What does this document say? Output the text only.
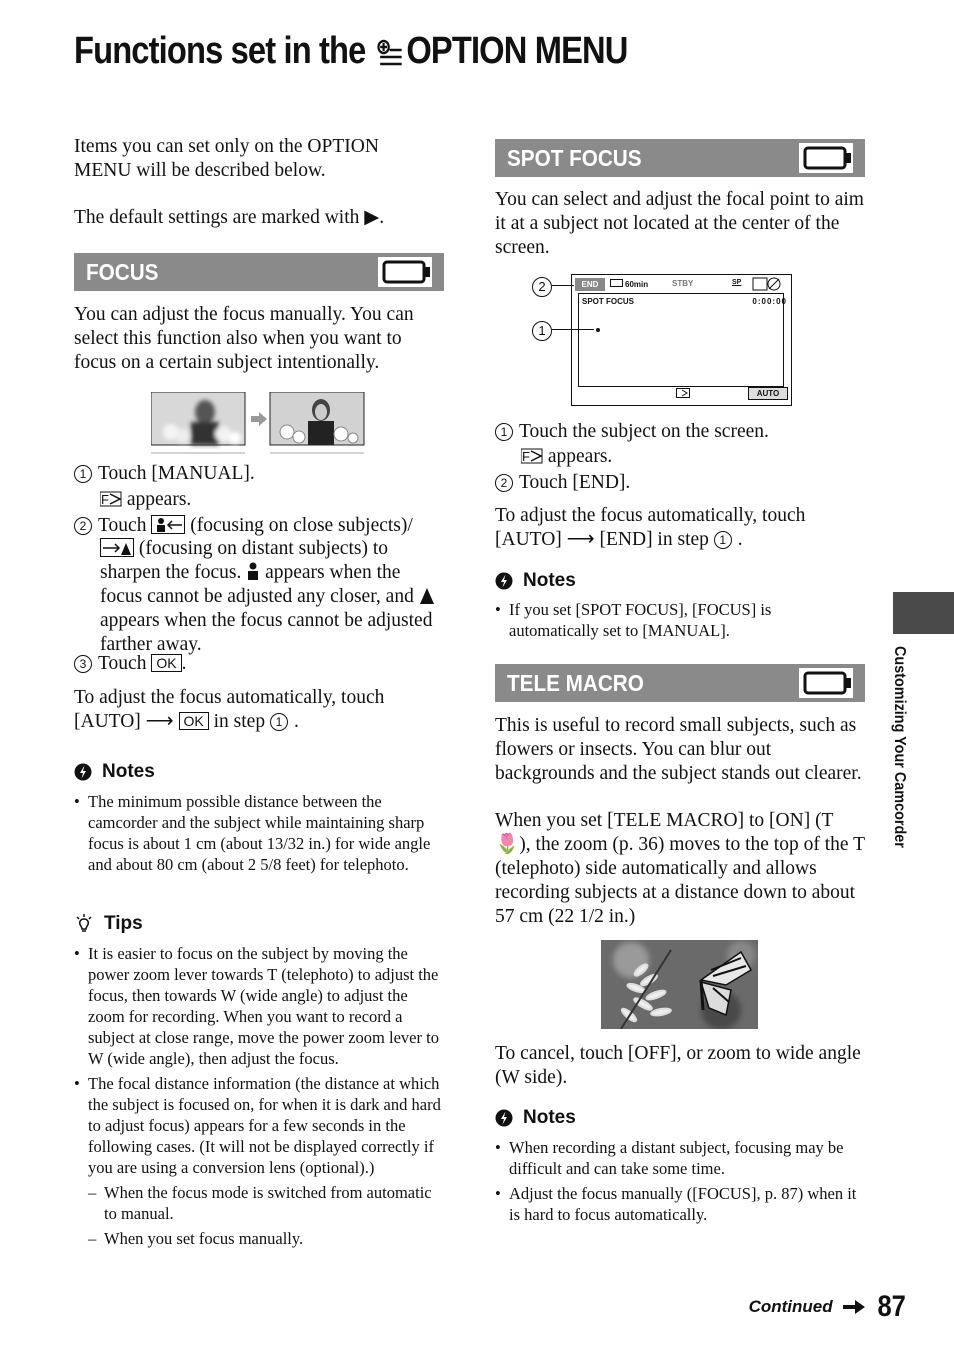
Functions set in the OPTION MENU
Items you can set only on the OPTION MENU will be described below.
The default settings are marked with ▶.
FOCUS
You can adjust the focus manually. You can select this function also when you want to focus on a certain subject intentionally.
1 Touch [MANUAL].
F appears.
2 Touch (focusing on close subjects)/
(focusing on distant subjects) to sharpen the focus. appears when the focus cannot be adjusted any closer, and  appears when the focus cannot be adjusted farther away.
3 Touch OK .
To adjust the focus automatically, touch [AUTO] ⟶ OK in step 1 .
Notes
• The minimum possible distance between the camcorder and the subject while maintaining sharp focus is about 1 cm (about 13/32 in.) for wide angle and about 80 cm (about 2 5/8 feet) for telephoto.
Tips
• It is easier to focus on the subject by moving the power zoom lever towards T (telephoto) to adjust the focus, then towards W (wide angle) to adjust the zoom for recording. When you want to record a subject at close range, move the power zoom lever to W (wide angle), then adjust the focus.
• The focal distance information (the distance at which the subject is focused on, for when it is dark and hard to adjust focus) appears for a few seconds in the following cases. (It will not be displayed correctly if you are using a conversion lens (optional).)
– When the focus mode is switched from automatic to manual.
– When you set focus manually.
SPOT FOCUS
You can select and adjust the focal point to aim it at a subject not located at the center of the screen.
END	60min	STBY	SP
SPOT FOCUS	0:00:00
AUTO
2
1
1 Touch the subject on the screen.
F appears.
2 Touch [END].
To adjust the focus automatically, touch [AUTO] ⟶ [END] in step 1 .
Notes
• If you set [SPOT FOCUS], [FOCUS] is automatically set to [MANUAL].
TELE MACRO
This is useful to record small subjects, such as flowers or insects. You can blur out backgrounds and the subject stands out clearer.
When you set [TELE MACRO] to [ON] (T🌷), the zoom (p. 36) moves to the top of the T (telephoto) side automatically and allows recording subjects at a distance down to about 57 cm (22 1/2 in.)
To cancel, touch [OFF], or zoom to wide angle (W side).
Notes
• When recording a distant subject, focusing may be difficult and can take some time.
• Adjust the focus manually ([FOCUS], p. 87) when it is hard to focus automatically.
Customizing Your Camcorder
Continued 87
